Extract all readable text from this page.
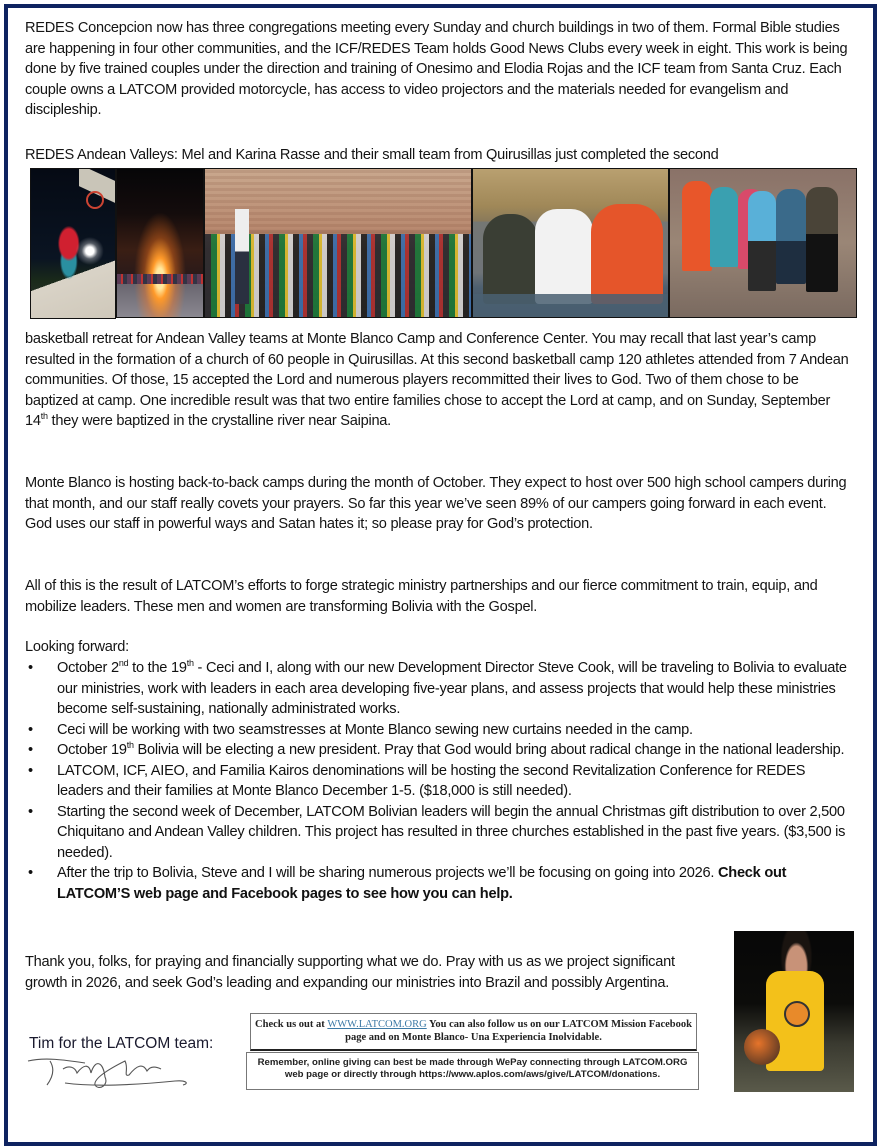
REDES Concepcion now has three congregations meeting every Sunday and church buildings in two of them. Formal Bible studies are happening in four other communities, and the ICF/REDES Team holds Good News Clubs every week in eight. This work is being done by five trained couples under the direction and training of Onesimo and Elodia Rojas and the ICF team from Santa Cruz. Each couple owns a LATCOM provided motorcycle, has access to video projectors and the materials needed for evangelism and discipleship.

REDES Andean Valleys: Mel and Karina Rasse and their small team from Quirusillas just completed the second

basketball retreat for Andean Valley teams at Monte Blanco Camp and Conference Center. You may recall that last year’s camp resulted in the formation of a church of 60 people in Quirusillas. At this second basketball camp 120 athletes attended from 7 Andean communities. Of those, 15 accepted the Lord and numerous players recommitted their lives to God. Two of them chose to be baptized at camp. One incredible result was that two entire families chose to accept the Lord at camp, and on Sunday, September 14th they were baptized in the crystalline river near Saipina.

Monte Blanco is hosting back-to-back camps during the month of October. They expect to host over 500 high school campers during that month, and our staff really covets your prayers. So far this year we’ve seen 89% of our campers going forward in each event. God uses our staff in powerful ways and Satan hates it; so please pray for God’s protection.

All of this is the result of LATCOM’s efforts to forge strategic ministry partnerships and our fierce commitment to train, equip, and mobilize leaders. These men and women are transforming Bolivia with the Gospel.

Looking forward:

• October 2nd to the 19th - Ceci and I, along with our new Development Director Steve Cook, will be traveling to Bolivia to evaluate our ministries, work with leaders in each area developing five-year plans, and assess projects that would help these ministries become self-sustaining, nationally administrated works.
• Ceci will be working with two seamstresses at Monte Blanco sewing new curtains needed in the camp.
• October 19th Bolivia will be electing a new president. Pray that God would bring about radical change in the national leadership.
• LATCOM, ICF, AIEO, and Familia Kairos denominations will be hosting the second Revitalization Conference for REDES leaders and their families at Monte Blanco December 1-5. ($18,000 is still needed).
• Starting the second week of December, LATCOM Bolivian leaders will begin the annual Christmas gift distribution to over 2,500 Chiquitano and Andean Valley children. This project has resulted in three churches established in the past five years. ($3,500 is needed).
• After the trip to Bolivia, Steve and I will be sharing numerous projects we’ll be focusing on going into 2026. Check out LATCOM’S web page and Facebook pages to see how you can help.

Thank you, folks, for praying and financially supporting what we do. Pray with us as we project significant growth in 2026, and seek God’s leading and expanding our ministries into Brazil and possibly Argentina.

Tim for the LATCOM team:
Check us out at WWW.LATCOM.ORG You can also follow us on our LATCOM Mission Facebook page and on Monte Blanco- Una Experiencia Inolvidable.
Remember, online giving can best be made through WePay connecting through LATCOM.ORG web page or directly through https://www.aplos.com/aws/give/LATCOM/donations.
